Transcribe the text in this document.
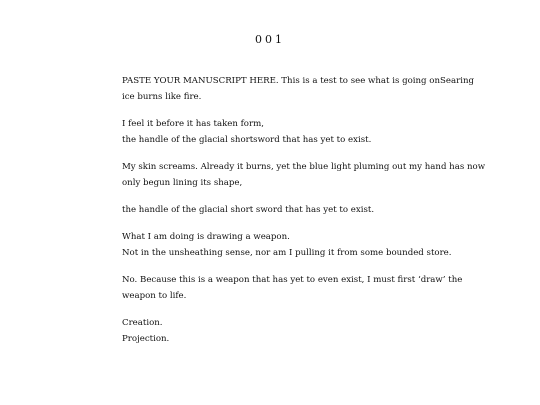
001

PASTE YOUR MANUSCRIPT HERE. This is a test to see what is going onSearing
ice burns like fire.

I feel it before it has taken form,
the handle of the glacial shortsword that has yet to exist.

My skin screams. Already it burns, yet the blue light pluming out my hand has now
only begun lining its shape,

the handle of the glacial short sword that has yet to exist.

What I am doing is drawing a weapon.
Not in the unsheathing sense, nor am I pulling it from some bounded store.

No. Because this is a weapon that has yet to even exist, I must first ‘draw’ the
weapon to life.

Creation.
Projection.
